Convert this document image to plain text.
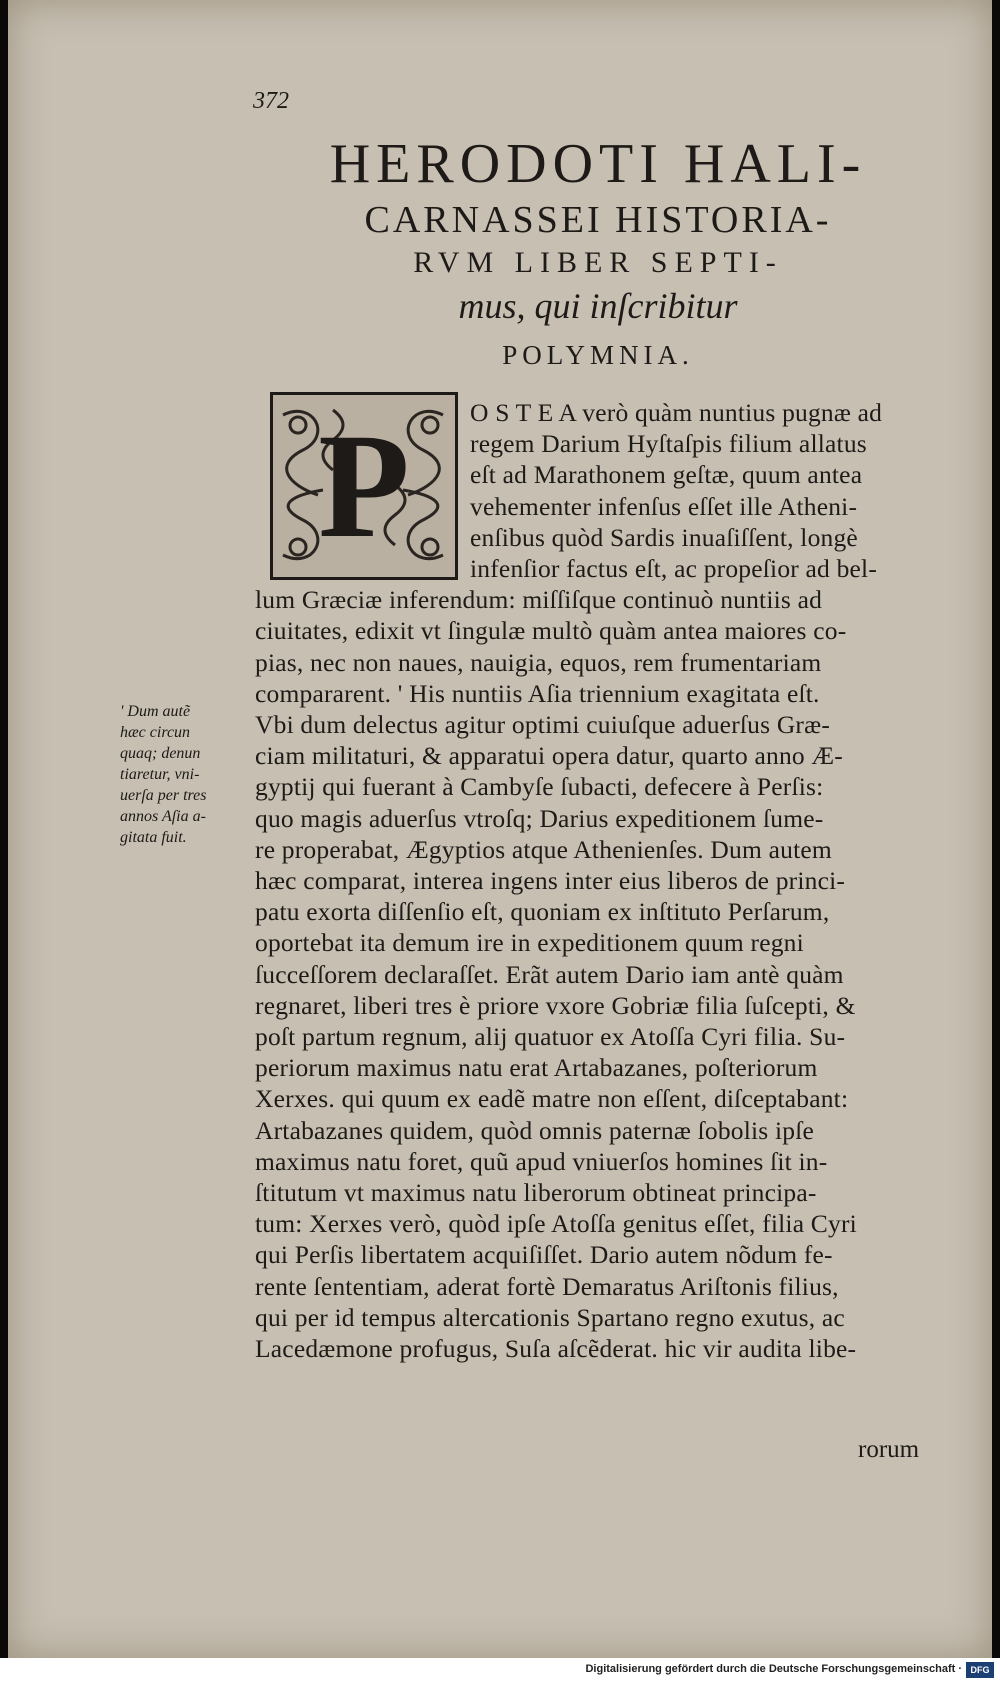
372
HERODOTI HALI-
CARNASSEI HISTORIA-
RVM LIBER SEPTI-
mus, qui inſcribitur
POLYMNIA.
P	O S T E A verò quàm nuntius pugnæ ad
regem Darium Hyſtaſpis filium allatus
eſt ad Marathonem geſtæ, quum antea
vehementer infenſus eſſet ille Atheni-
enſibus quòd Sardis inuaſiſſent, longè
infenſior factus eſt, ac propeſior ad bel-
lum Græciæ inferendum: miſſiſque continuò nuntiis ad
ciuitates, edixit vt ſingulæ multò quàm antea maiores co-
pias, nec non naues, nauigia, equos, rem frumentariam
compararent. ' His nuntiis Aſia triennium exagitata eſt.
Vbi dum delectus agitur optimi cuiuſque aduerſus Græ-
ciam militaturi, & apparatui opera datur, quarto anno Æ-
gyptij qui fuerant à Cambyſe ſubacti, defecere à Perſis:
quo magis aduerſus vtroſq; Darius expeditionem ſume-
re properabat, Ægyptios atque Athenienſes. Dum autem
hæc comparat, interea ingens inter eius liberos de princi-
patu exorta diſſenſio eſt, quoniam ex inſtituto Perſarum,
oportebat ita demum ire in expeditionem quum regni
ſucceſſorem declaraſſet. Erãt autem Dario iam antè quàm
regnaret, liberi tres è priore vxore Gobriæ filia ſuſcepti, &
poſt partum regnum, alij quatuor ex Atoſſa Cyri filia. Su-
periorum maximus natu erat Artabazanes, poſteriorum
Xerxes. qui quum ex eadẽ matre non eſſent, diſceptabant:
Artabazanes quidem, quòd omnis paternæ ſobolis ipſe
maximus natu foret, quũ apud vniuerſos homines ſit in-
ſtitutum vt maximus natu liberorum obtineat principa-
tum: Xerxes verò, quòd ipſe Atoſſa genitus eſſet, filia Cyri
qui Perſis libertatem acquiſiſſet. Dario autem nõdum fe-
rente ſententiam, aderat fortè Demaratus Ariſtonis filius,
qui per id tempus altercationis Spartano regno exutus, ac
Lacedæmone profugus, Suſa aſcẽderat. hic vir audita libe-
' Dum autẽ
hæc circun
quaq; denun
tiaretur, vni-
uerſa per tres
annos Aſia a-
gitata fuit.
rorum
Digitalisierung gefördert durch die Deutsche Forschungsgemeinschaft · DFG
